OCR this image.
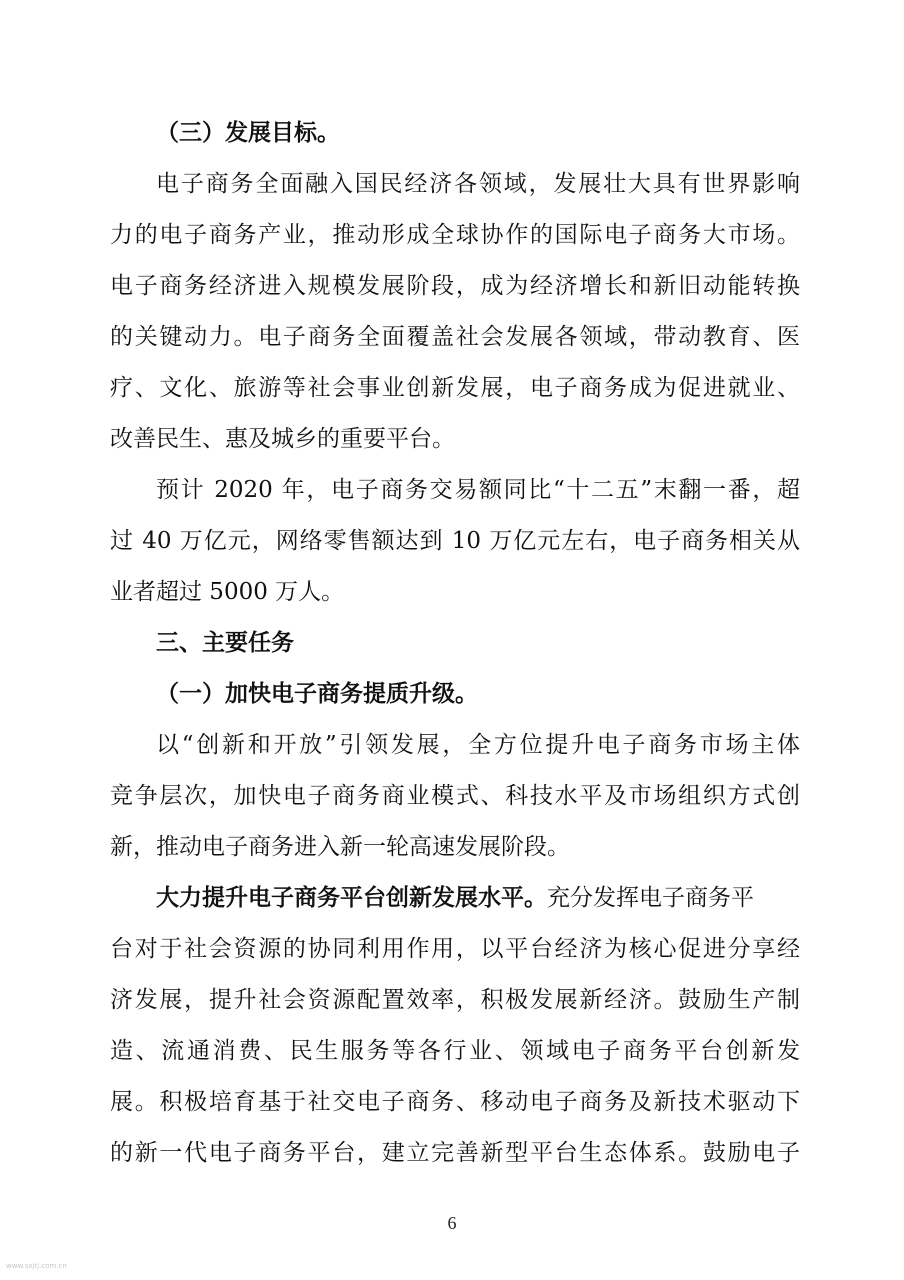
（三）发展目标。
电子商务全面融入国民经济各领域，发展壮大具有世界影响
力的电子商务产业，推动形成全球协作的国际电子商务大市场。
电子商务经济进入规模发展阶段，成为经济增长和新旧动能转换
的关键动力。电子商务全面覆盖社会发展各领域，带动教育、医
疗、文化、旅游等社会事业创新发展，电子商务成为促进就业、
改善民生、惠及城乡的重要平台。
预计 2020 年，电子商务交易额同比“十二五”末翻一番，超
过 40 万亿元，网络零售额达到 10 万亿元左右，电子商务相关从
业者超过 5000 万人。
三、主要任务
（一）加快电子商务提质升级。
以“创新和开放”引领发展，全方位提升电子商务市场主体
竞争层次，加快电子商务商业模式、科技水平及市场组织方式创
新，推动电子商务进入新一轮高速发展阶段。
大力提升电子商务平台创新发展水平。充分发挥电子商务平
台对于社会资源的协同利用作用，以平台经济为核心促进分享经
济发展，提升社会资源配置效率，积极发展新经济。鼓励生产制
造、流通消费、民生服务等各行业、领域电子商务平台创新发
展。积极培育基于社交电子商务、移动电子商务及新技术驱动下
的新一代电子商务平台，建立完善新型平台生态体系。鼓励电子
6
www.sxjtj.com.cn
